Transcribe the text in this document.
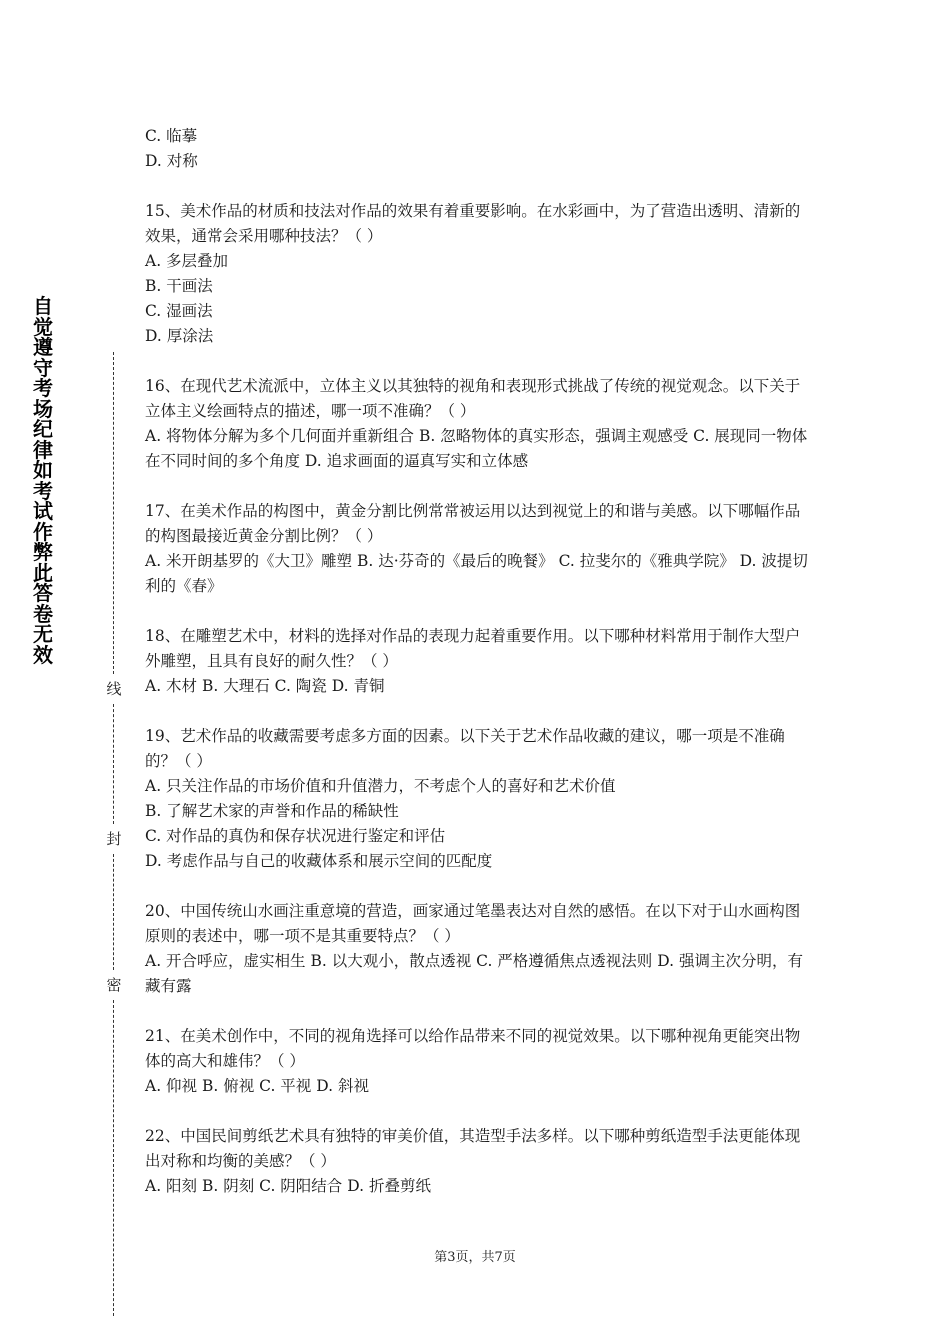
自觉遵守考场纪律如考试作弊此答卷无效
线
封
密

C. 临摹

D. 对称

15、美术作品的材质和技法对作品的效果有着重要影响。在水彩画中，为了营造出透明、清新的效果，通常会采用哪种技法？（ ）

A. 多层叠加

B. 干画法

C. 湿画法

D. 厚涂法

16、在现代艺术流派中，立体主义以其独特的视角和表现形式挑战了传统的视觉观念。以下关于立体主义绘画特点的描述，哪一项不准确？（ ）

A. 将物体分解为多个几何面并重新组合 B. 忽略物体的真实形态，强调主观感受 C. 展现同一物体在不同时间的多个角度 D. 追求画面的逼真写实和立体感

17、在美术作品的构图中，黄金分割比例常常被运用以达到视觉上的和谐与美感。以下哪幅作品的构图最接近黄金分割比例？（ ）

A. 米开朗基罗的《大卫》雕塑 B. 达·芬奇的《最后的晚餐》 C. 拉斐尔的《雅典学院》 D. 波提切利的《春》

18、在雕塑艺术中，材料的选择对作品的表现力起着重要作用。以下哪种材料常用于制作大型户外雕塑，且具有良好的耐久性？（ ）

A. 木材 B. 大理石 C. 陶瓷 D. 青铜

19、艺术作品的收藏需要考虑多方面的因素。以下关于艺术作品收藏的建议，哪一项是不准确的？（ ）

A. 只关注作品的市场价值和升值潜力，不考虑个人的喜好和艺术价值

B. 了解艺术家的声誉和作品的稀缺性

C. 对作品的真伪和保存状况进行鉴定和评估

D. 考虑作品与自己的收藏体系和展示空间的匹配度

20、中国传统山水画注重意境的营造，画家通过笔墨表达对自然的感悟。在以下对于山水画构图原则的表述中，哪一项不是其重要特点？（ ）

A. 开合呼应，虚实相生 B. 以大观小，散点透视 C. 严格遵循焦点透视法则 D. 强调主次分明，有藏有露

21、在美术创作中，不同的视角选择可以给作品带来不同的视觉效果。以下哪种视角更能突出物体的高大和雄伟？（ ）

A. 仰视 B. 俯视 C. 平视 D. 斜视

22、中国民间剪纸艺术具有独特的审美价值，其造型手法多样。以下哪种剪纸造型手法更能体现出对称和均衡的美感？（ ）

A. 阳刻 B. 阴刻 C. 阴阳结合 D. 折叠剪纸

第3页，共7页
